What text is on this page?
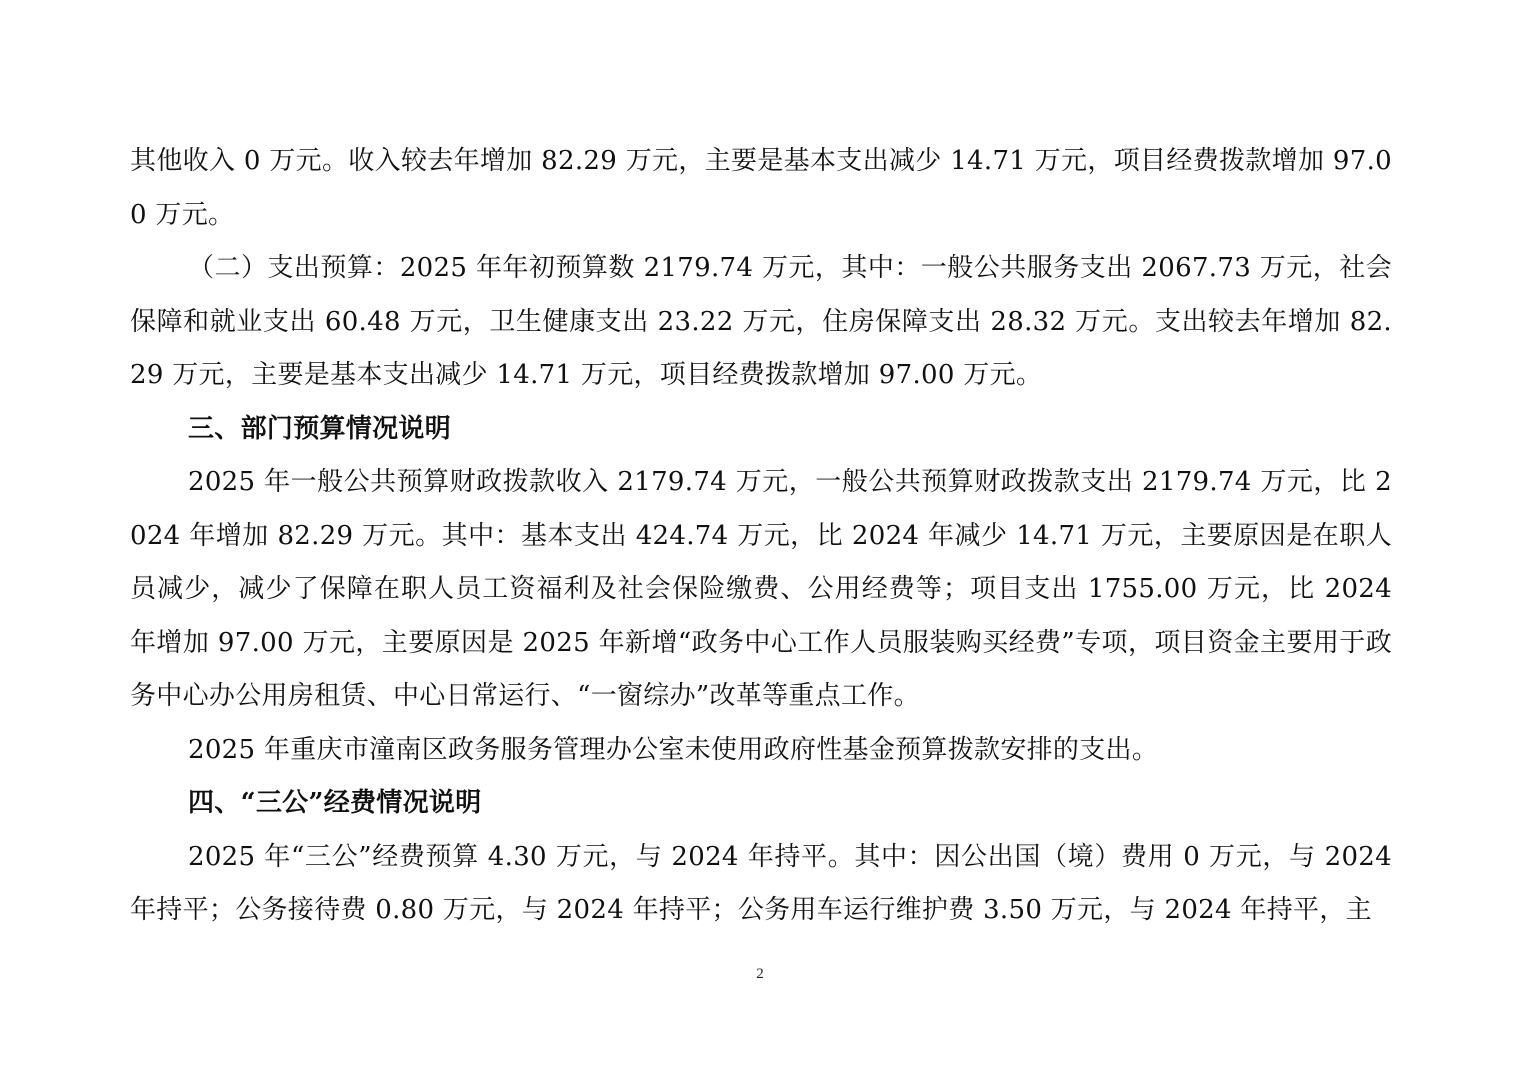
其他收入 0 万元。收入较去年增加 82.29 万元，主要是基本支出减少 14.71 万元，项目经费拨款增加 97.00 万元。

（二）支出预算：2025 年年初预算数 2179.74 万元，其中：一般公共服务支出 2067.73 万元，社会保障和就业支出 60.48 万元，卫生健康支出 23.22 万元，住房保障支出 28.32 万元。支出较去年增加 82.29 万元，主要是基本支出减少 14.71 万元，项目经费拨款增加 97.00 万元。

三、部门预算情况说明

2025 年一般公共预算财政拨款收入 2179.74 万元，一般公共预算财政拨款支出 2179.74 万元，比 2024 年增加 82.29 万元。其中：基本支出 424.74 万元，比 2024 年减少 14.71 万元，主要原因是在职人员减少，减少了保障在职人员工资福利及社会保险缴费、公用经费等；项目支出 1755.00 万元，比 2024 年增加 97.00 万元，主要原因是 2025 年新增“政务中心工作人员服装购买经费”专项，项目资金主要用于政务中心办公用房租赁、中心日常运行、“一窗综办”改革等重点工作。

2025 年重庆市潼南区政务服务管理办公室未使用政府性基金预算拨款安排的支出。

四、“三公”经费情况说明

2025 年“三公”经费预算 4.30 万元，与 2024 年持平。其中：因公出国（境）费用 0 万元，与 2024 年持平；公务接待费 0.80 万元，与 2024 年持平；公务用车运行维护费 3.50 万元，与 2024 年持平，主

2
